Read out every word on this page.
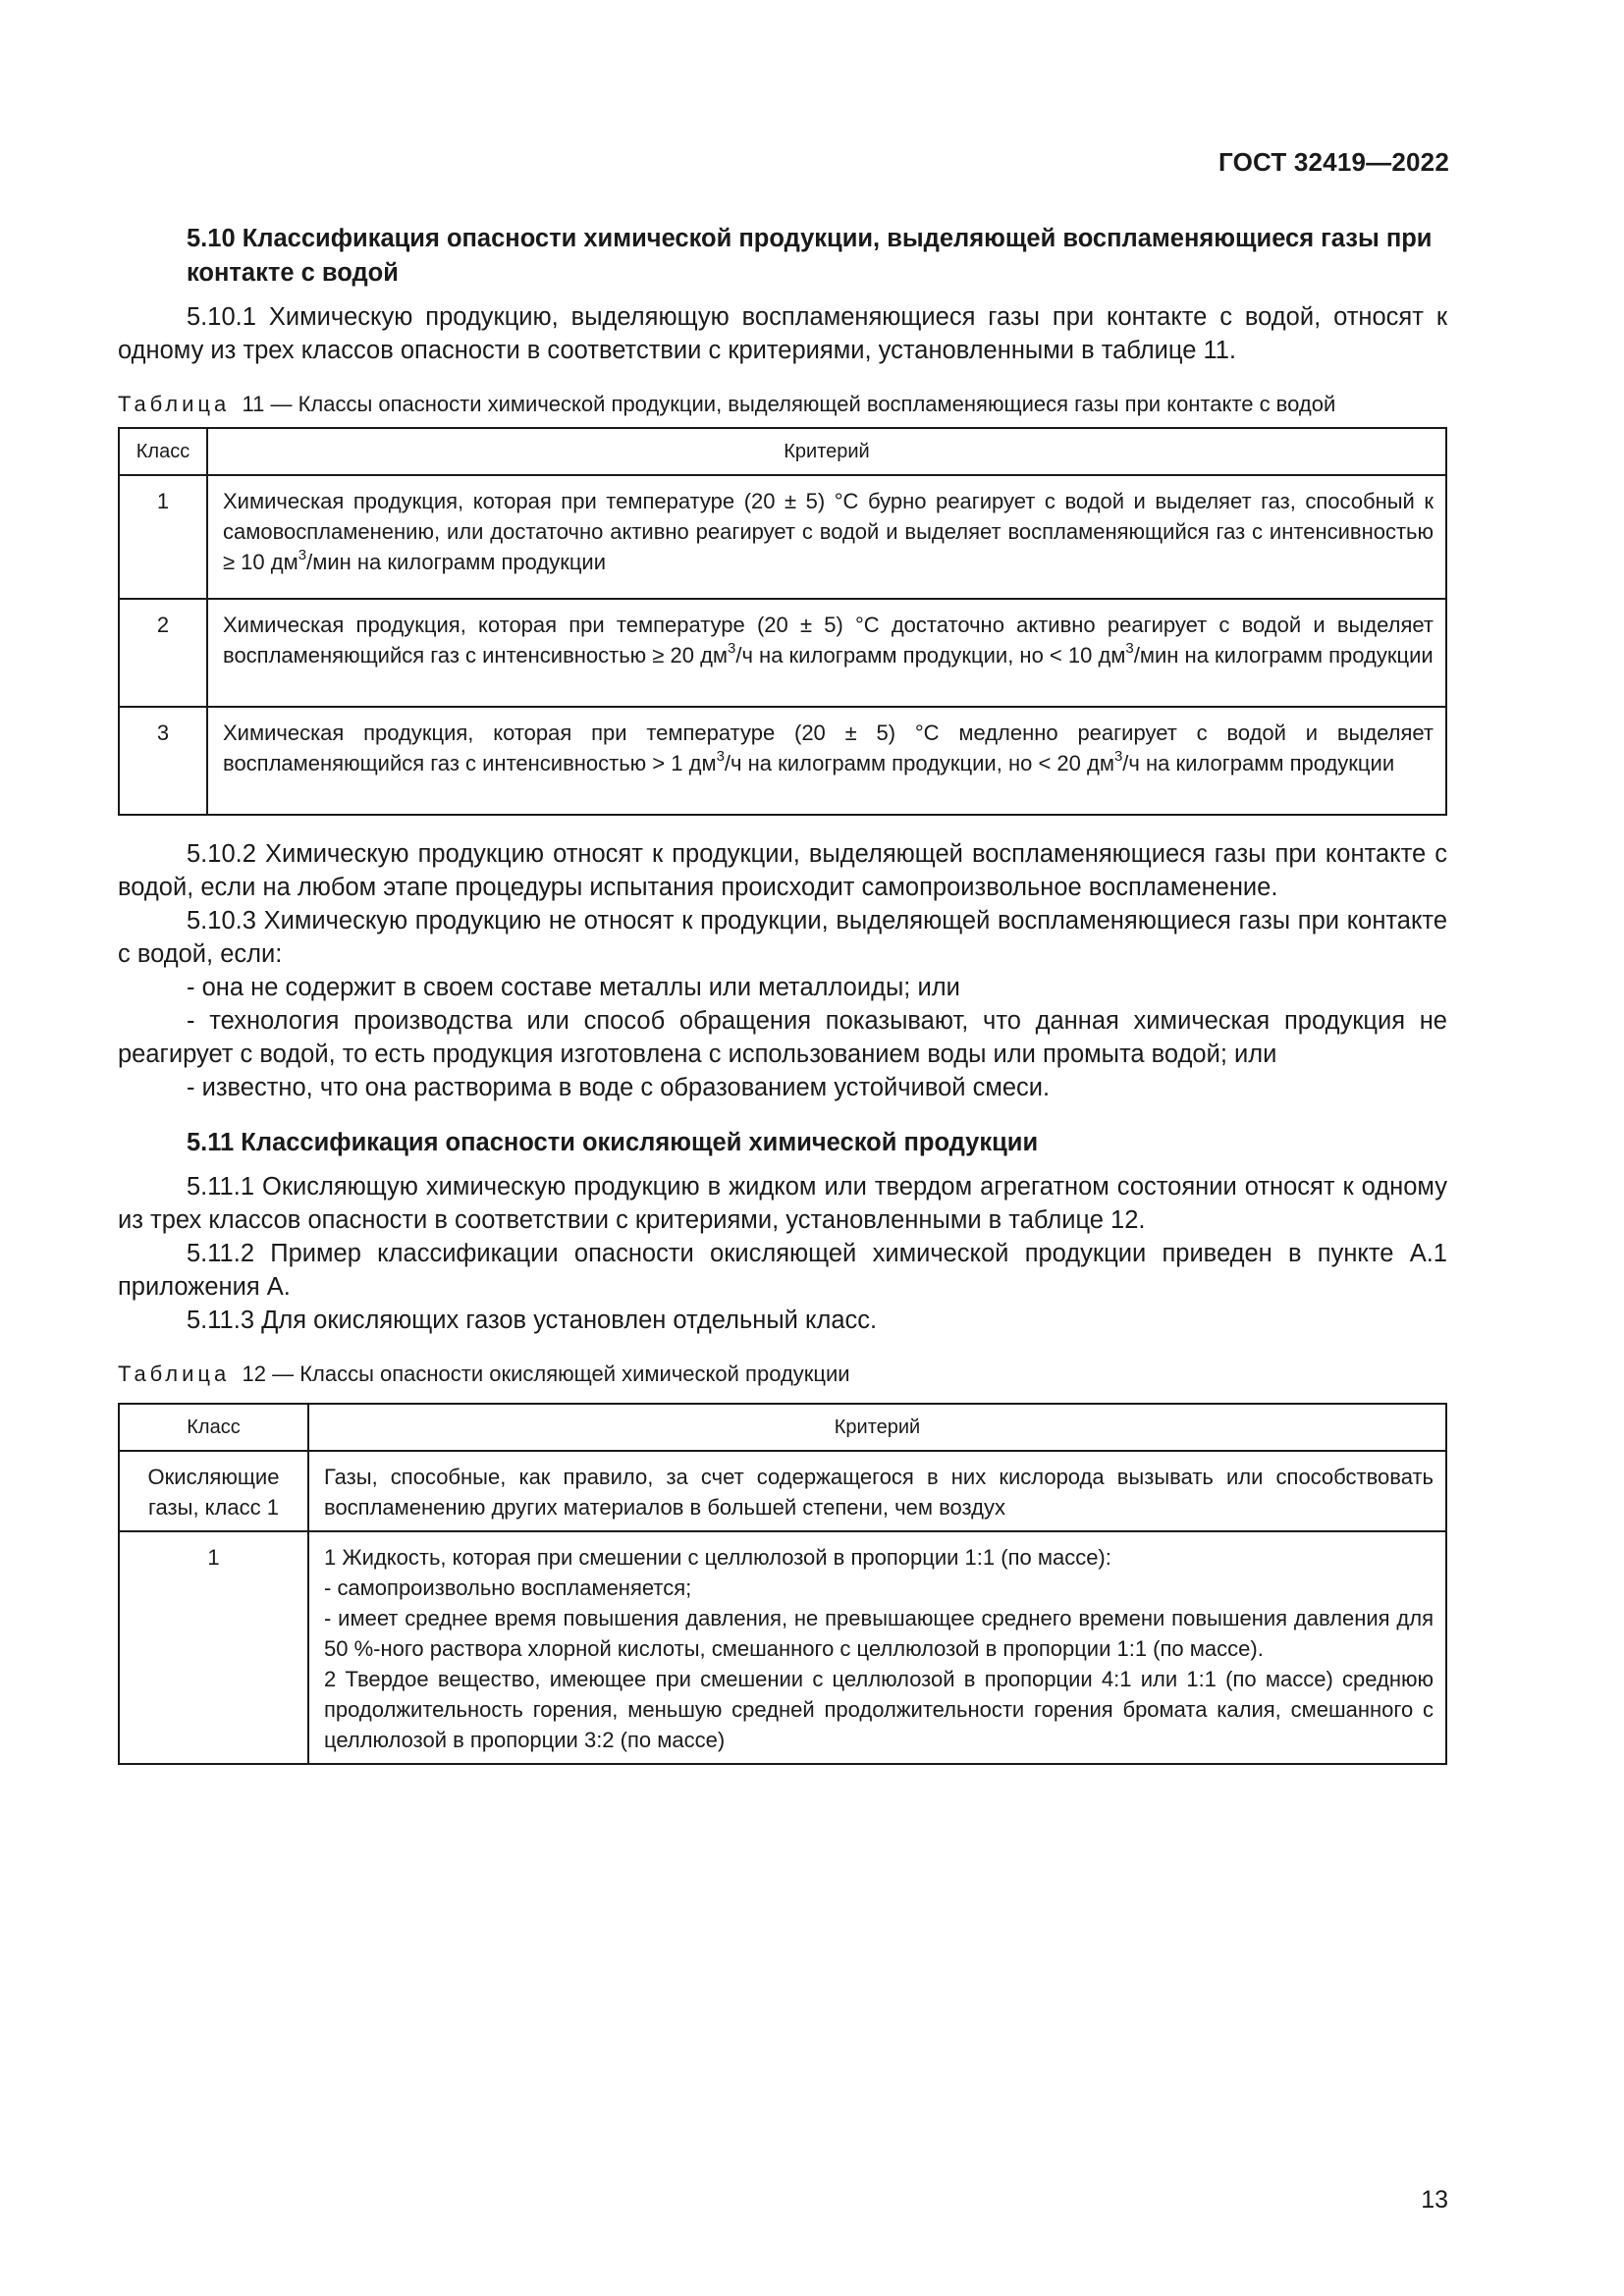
ГОСТ 32419—2022
5.10 Классификация опасности химической продукции, выделяющей воспламеняющиеся газы при контакте с водой

5.10.1 Химическую продукцию, выделяющую воспламеняющиеся газы при контакте с водой, относят к одному из трех классов опасности в соответствии с критериями, установленными в таблице 11.

Таблица 11 — Классы опасности химической продукции, выделяющей воспламеняющиеся газы при контакте с водой

Класс	Критерий
1	Химическая продукция, которая при температуре (20 ± 5) °С бурно реагирует с водой и выделяет газ, способный к самовоспламенению, или достаточно активно реагирует с водой и выделяет воспламеняющийся газ с интенсивностью ≥ 10 $дм^3$/мин на килограмм продукции
2	Химическая продукция, которая при температуре (20 ± 5) °С достаточно активно реагирует с водой и выделяет воспламеняющийся газ с интенсивностью ≥ 20 $дм^3/ч$ на килограмм продукции, но < 10 $дм^3$/мин на килограмм продукции
3	Химическая продукция, которая при температуре (20 ± 5) °С медленно реагирует с водой и выделяет воспламеняющийся газ с интенсивностью > 1 $дм^3/ч$ на килограмм продукции, но < 20 $дм^3/ч$ на килограмм продукции

5.10.2 Химическую продукцию относят к продукции, выделяющей воспламеняющиеся газы при контакте с водой, если на любом этапе процедуры испытания происходит самопроизвольное воспламенение.

5.10.3 Химическую продукцию не относят к продукции, выделяющей воспламеняющиеся газы при контакте с водой, если:

- она не содержит в своем составе металлы или металлоиды; или

- технология производства или способ обращения показывают, что данная химическая продукция не реагирует с водой, то есть продукция изготовлена с использованием воды или промыта водой; или

- известно, что она растворима в воде с образованием устойчивой смеси.

5.11 Классификация опасности окисляющей химической продукции

5.11.1 Окисляющую химическую продукцию в жидком или твердом агрегатном состоянии относят к одному из трех классов опасности в соответствии с критериями, установленными в таблице 12.

5.11.2 Пример классификации опасности окисляющей химической продукции приведен в пункте А.1 приложения А.

5.11.3 Для окисляющих газов установлен отдельный класс.

Таблица 12 — Классы опасности окисляющей химической продукции

Класс	Критерий
Окисляющие газы, класс 1	Газы, способные, как правило, за счет содержащегося в них кислорода вызывать или способствовать воспламенению других материалов в большей степени, чем воздух
1	1 Жидкость, которая при смешении с целлюлозой в пропорции 1:1 (по массе):
- самопроизвольно воспламеняется;
- имеет среднее время повышения давления, не превышающее среднего времени повышения давления для 50 %-ного раствора хлорной кислоты, смешанного с целлюлозой в пропорции 1:1 (по массе).
2 Твердое вещество, имеющее при смешении с целлюлозой в пропорции 4:1 или 1:1 (по массе) среднюю продолжительность горения, меньшую средней продолжительности горения бромата калия, смешанного с целлюлозой в пропорции 3:2 (по массе)
13
